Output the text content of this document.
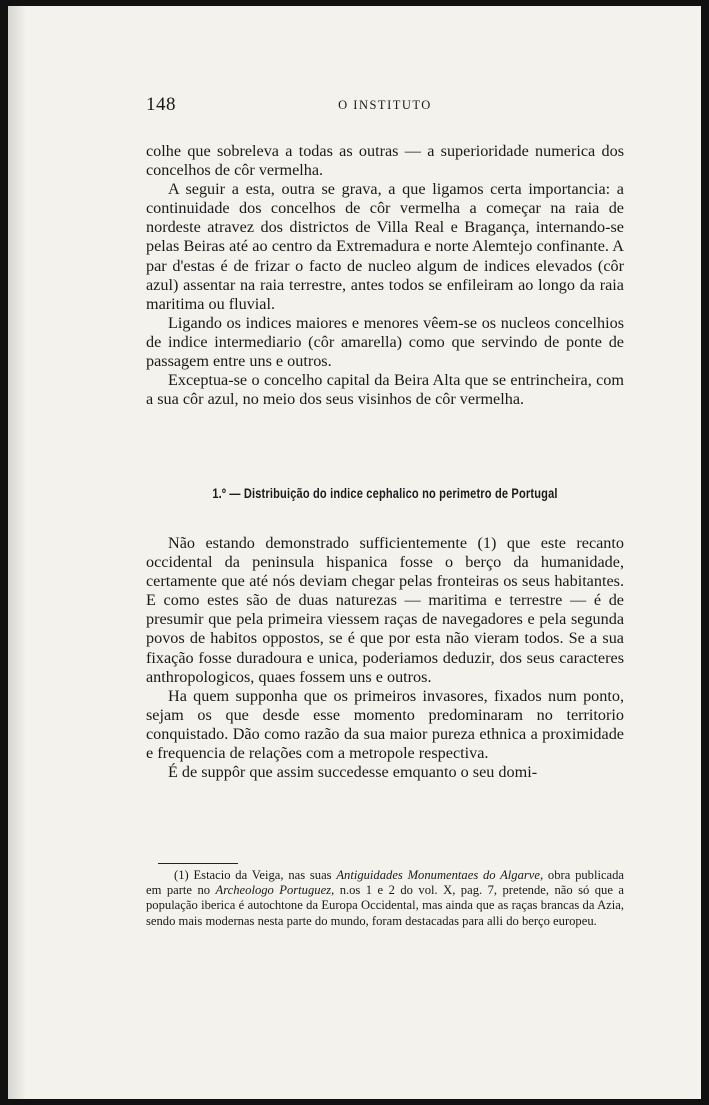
148	O INSTITUTO

colhe que sobreleva a todas as outras — a superioridade numerica dos concelhos de côr vermelha.

A seguir a esta, outra se grava, a que ligamos certa importancia: a continuidade dos concelhos de côr vermelha a começar na raia de nordeste atravez dos districtos de Villa Real e Bragança, internando-se pelas Beiras até ao centro da Extremadura e norte Alemtejo confinante. A par d'estas é de frizar o facto de nucleo algum de indices elevados (côr azul) assentar na raia terrestre, antes todos se enfileiram ao longo da raia maritima ou fluvial.

Ligando os indices maiores e menores vêem-se os nucleos concelhios de indice intermediario (côr amarella) como que servindo de ponte de passagem entre uns e outros.

Exceptua-se o concelho capital da Beira Alta que se entrincheira, com a sua côr azul, no meio dos seus visinhos de côr vermelha.

1.º — Distribuição do indice cephalico no perimetro de Portugal

Não estando demonstrado sufficientemente (1) que este recanto occidental da peninsula hispanica fosse o berço da humanidade, certamente que até nós deviam chegar pelas fronteiras os seus habitantes. E como estes são de duas naturezas — maritima e terrestre — é de presumir que pela primeira viessem raças de navegadores e pela segunda povos de habitos oppostos, se é que por esta não vieram todos. Se a sua fixação fosse duradoura e unica, poderiamos deduzir, dos seus caracteres anthropologicos, quaes fossem uns e outros.

Ha quem supponha que os primeiros invasores, fixados num ponto, sejam os que desde esse momento predominaram no territorio conquistado. Dão como razão da sua maior pureza ethnica a proximidade e frequencia de relações com a metropole respectiva.

É de suppôr que assim succedesse emquanto o seu domi-

(1) Estacio da Veiga, nas suas Antiguidades Monumentaes do Algarve, obra publicada em parte no Archeologo Portuguez, n.os 1 e 2 do vol. X, pag. 7, pretende, não só que a população iberica é autochtone da Europa Occidental, mas ainda que as raças brancas da Azia, sendo mais modernas nesta parte do mundo, foram destacadas para alli do berço europeu.
